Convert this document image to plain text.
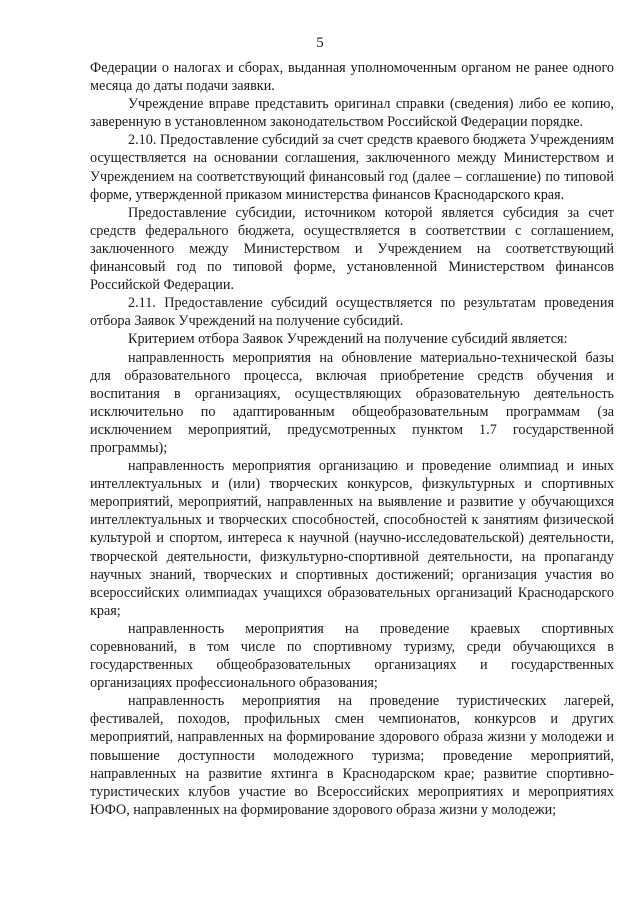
5

Федерации о налогах и сборах, выданная уполномоченным органом не ранее одного месяца до даты подачи заявки.

Учреждение вправе представить оригинал справки (сведения) либо ее копию, заверенную в установленном законодательством Российской Федерации порядке.

2.10. Предоставление субсидий за счет средств краевого бюджета Учреждениям осуществляется на основании соглашения, заключенного между Министерством и Учреждением на соответствующий финансовый год (далее – соглашение) по типовой форме, утвержденной приказом министерства финансов Краснодарского края.

Предоставление субсидии, источником которой является субсидия за счет средств федерального бюджета, осуществляется в соответствии с соглашением, заключенного между Министерством и Учреждением на соответствующий финансовый год по типовой форме, установленной Министерством финансов Российской Федерации.

2.11. Предоставление субсидий осуществляется по результатам проведения отбора Заявок Учреждений на получение субсидий.

Критерием отбора Заявок Учреждений на получение субсидий является:

направленность мероприятия на обновление материально-технической базы для образовательного процесса, включая приобретение средств обучения и воспитания в организациях, осуществляющих образовательную деятельность исключительно по адаптированным общеобразовательным программам (за исключением мероприятий, предусмотренных пунктом 1.7 государственной программы);

направленность мероприятия организацию и проведение олимпиад и иных интеллектуальных и (или) творческих конкурсов, физкультурных и спортивных мероприятий, мероприятий, направленных на выявление и развитие у обучающихся интеллектуальных и творческих способностей, способностей к занятиям физической культурой и спортом, интереса к научной (научно-исследовательской) деятельности, творческой деятельности, физкультурно-спортивной деятельности, на пропаганду научных знаний, творческих и спортивных достижений; организация участия во всероссийских олимпиадах учащихся образовательных организаций Краснодарского края;

направленность мероприятия на проведение краевых спортивных соревнований, в том числе по спортивному туризму, среди обучающихся в государственных общеобразовательных организациях и государственных организациях профессионального образования;

направленность мероприятия на проведение туристических лагерей, фестивалей, походов, профильных смен чемпионатов, конкурсов и других мероприятий, направленных на формирование здорового образа жизни у молодежи и повышение доступности молодежного туризма; проведение мероприятий, направленных на развитие яхтинга в Краснодарском крае; развитие спортивно-туристических клубов участие во Всероссийских мероприятиях и мероприятиях ЮФО, направленных на формирование здорового образа жизни у молодежи;
